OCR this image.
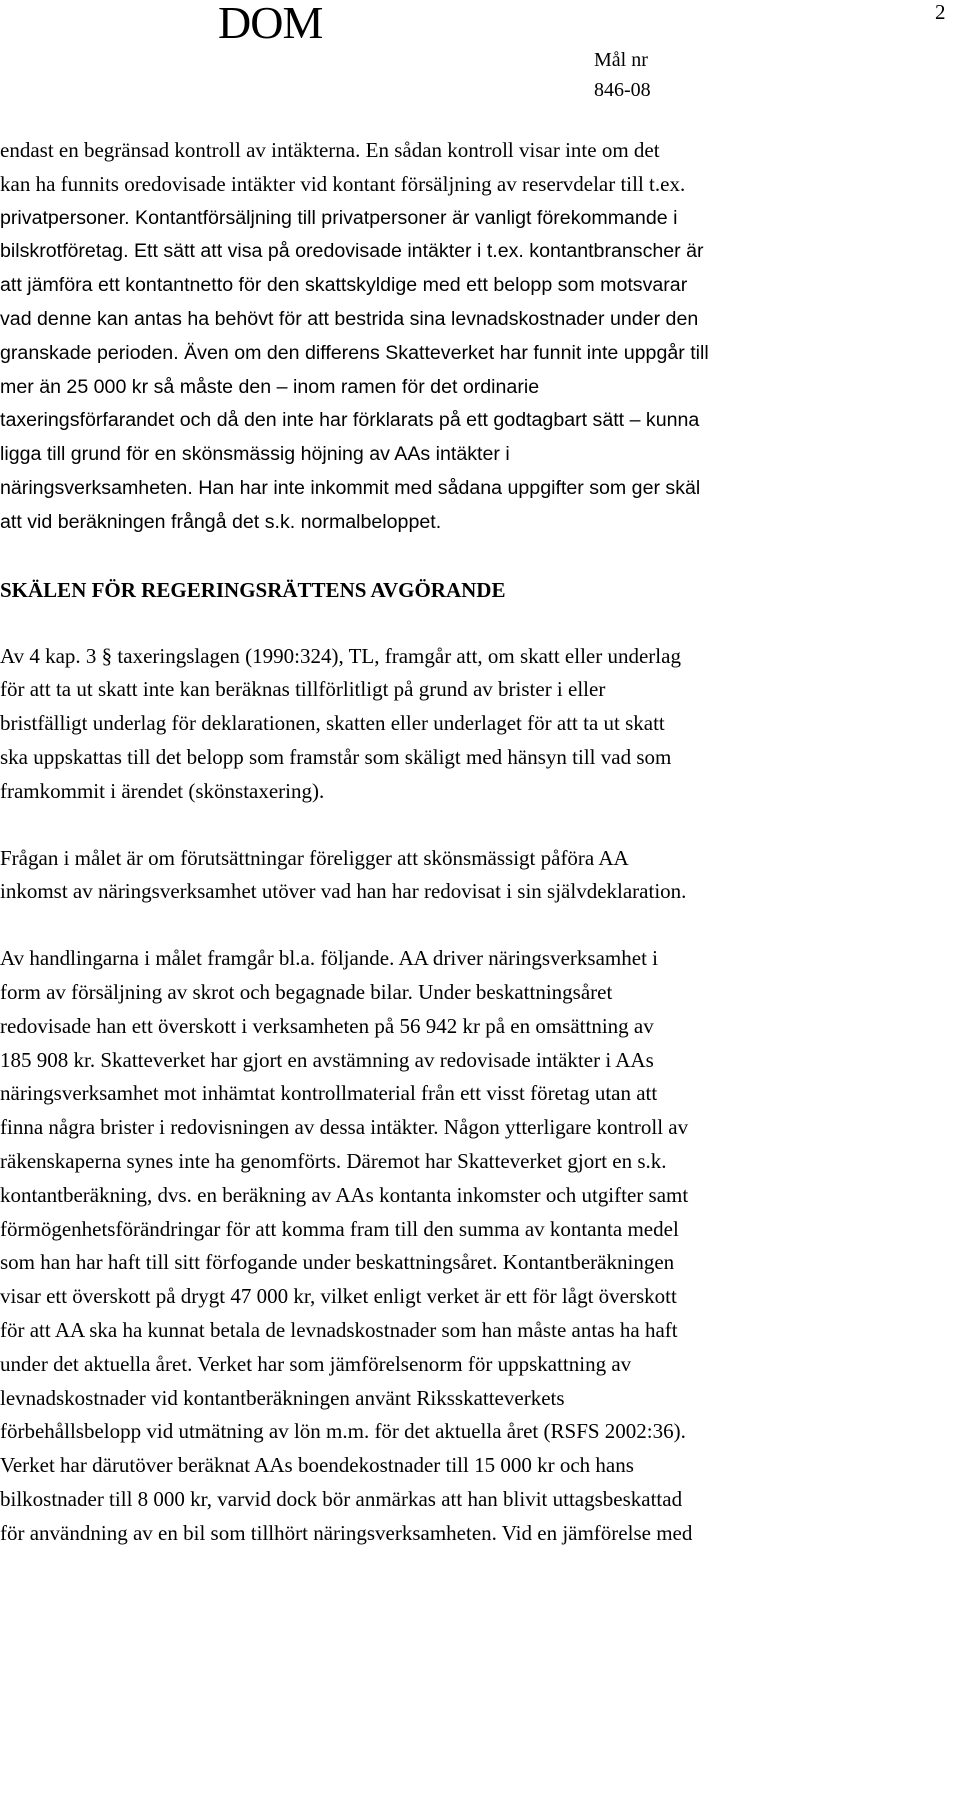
DOM	2
Mål nr
846-08

endast en begränsad kontroll av intäkterna. En sådan kontroll visar inte om det
kan ha funnits oredovisade intäkter vid kontant försäljning av reservdelar till t.ex.
privatpersoner. Kontantförsäljning till privatpersoner är vanligt förekommande i
bilskrotföretag. Ett sätt att visa på oredovisade intäkter i t.ex. kontantbranscher är
att jämföra ett kontantnetto för den skattskyldige med ett belopp som motsvarar
vad denne kan antas ha behövt för att bestrida sina levnadskostnader under den
granskade perioden. Även om den differens Skatteverket har funnit inte uppgår till
mer än 25 000 kr så måste den – inom ramen för det ordinarie
taxeringsförfarandet och då den inte har förklarats på ett godtagbart sätt – kunna
ligga till grund för en skönsmässig höjning av AAs intäkter i
näringsverksamheten. Han har inte inkommit med sådana uppgifter som ger skäl
att vid beräkningen frångå det s.k. normalbeloppet.

SKÄLEN FÖR REGERINGSRÄTTENS AVGÖRANDE

Av 4 kap. 3 § taxeringslagen (1990:324), TL, framgår att, om skatt eller underlag
för att ta ut skatt inte kan beräknas tillförlitligt på grund av brister i eller
bristfälligt underlag för deklarationen, skatten eller underlaget för att ta ut skatt
ska uppskattas till det belopp som framstår som skäligt med hänsyn till vad som
framkommit i ärendet (skönstaxering).

Frågan i målet är om förutsättningar föreligger att skönsmässigt påföra AA
inkomst av näringsverksamhet utöver vad han har redovisat i sin självdeklaration.

Av handlingarna i målet framgår bl.a. följande. AA driver näringsverksamhet i
form av försäljning av skrot och begagnade bilar. Under beskattningsåret
redovisade han ett överskott i verksamheten på 56 942 kr på en omsättning av
185 908 kr. Skatteverket har gjort en avstämning av redovisade intäkter i AAs
näringsverksamhet mot inhämtat kontrollmaterial från ett visst företag utan att
finna några brister i redovisningen av dessa intäkter. Någon ytterligare kontroll av
räkenskaperna synes inte ha genomförts. Däremot har Skatteverket gjort en s.k.
kontantberäkning, dvs. en beräkning av AAs kontanta inkomster och utgifter samt
förmögenhetsförändringar för att komma fram till den summa av kontanta medel
som han har haft till sitt förfogande under beskattningsåret. Kontantberäkningen
visar ett överskott på drygt 47 000 kr, vilket enligt verket är ett för lågt överskott
för att AA ska ha kunnat betala de levnadskostnader som han måste antas ha haft
under det aktuella året. Verket har som jämförelsenorm för uppskattning av
levnadskostnader vid kontantberäkningen använt Riksskatteverkets
förbehållsbelopp vid utmätning av lön m.m. för det aktuella året (RSFS 2002:36).
Verket har därutöver beräknat AAs boendekostnader till 15 000 kr och hans
bilkostnader till 8 000 kr, varvid dock bör anmärkas att han blivit uttagsbeskattad
för användning av en bil som tillhört näringsverksamheten. Vid en jämförelse med
